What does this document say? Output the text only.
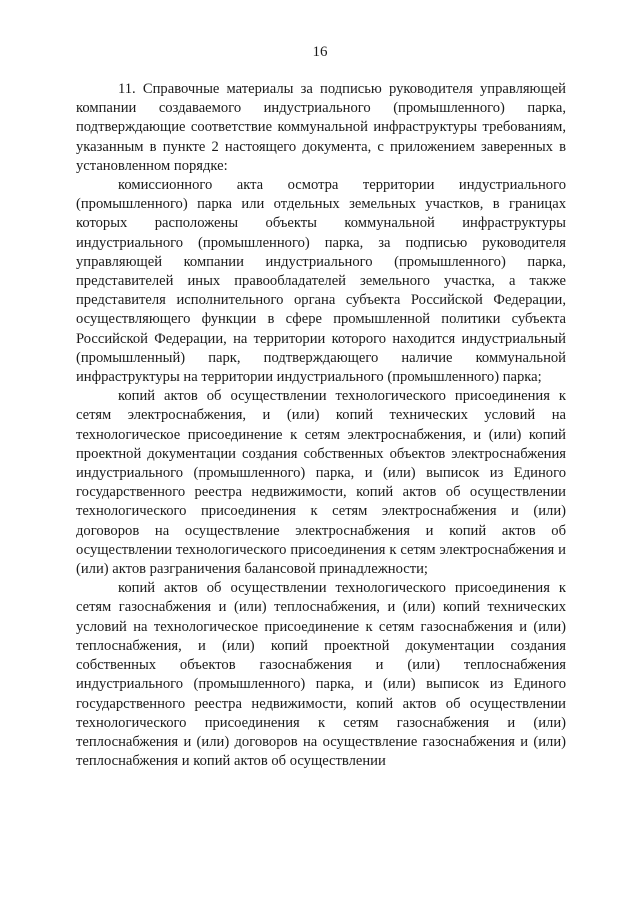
16

11. Справочные материалы за подписью руководителя управляющей компании создаваемого индустриального (промышленного) парка, подтверждающие соответствие коммунальной инфраструктуры требованиям, указанным в пункте 2 настоящего документа, с приложением заверенных в установленном порядке:

комиссионного акта осмотра территории индустриального (промышленного) парка или отдельных земельных участков, в границах которых расположены объекты коммунальной инфраструктуры индустриального (промышленного) парка, за подписью руководителя управляющей компании индустриального (промышленного) парка, представителей иных правообладателей земельного участка, а также представителя исполнительного органа субъекта Российской Федерации, осуществляющего функции в сфере промышленной политики субъекта Российской Федерации, на территории которого находится индустриальный (промышленный) парк, подтверждающего наличие коммунальной инфраструктуры на территории индустриального (промышленного) парка;

копий актов об осуществлении технологического присоединения к сетям электроснабжения, и (или) копий технических условий на технологическое присоединение к сетям электроснабжения, и (или) копий проектной документации создания собственных объектов электроснабжения индустриального (промышленного) парка, и (или) выписок из Единого государственного реестра недвижимости, копий актов об осуществлении технологического присоединения к сетям электроснабжения и (или) договоров на осуществление электроснабжения и копий актов об осуществлении технологического присоединения к сетям электроснабжения и (или) актов разграничения балансовой принадлежности;

копий актов об осуществлении технологического присоединения к сетям газоснабжения и (или) теплоснабжения, и (или) копий технических условий на технологическое присоединение к сетям газоснабжения и (или) теплоснабжения, и (или) копий проектной документации создания собственных объектов газоснабжения и (или) теплоснабжения индустриального (промышленного) парка, и (или) выписок из Единого государственного реестра недвижимости, копий актов об осуществлении технологического присоединения к сетям газоснабжения и (или) теплоснабжения и (или) договоров на осуществление газоснабжения и (или) теплоснабжения и копий актов об осуществлении
